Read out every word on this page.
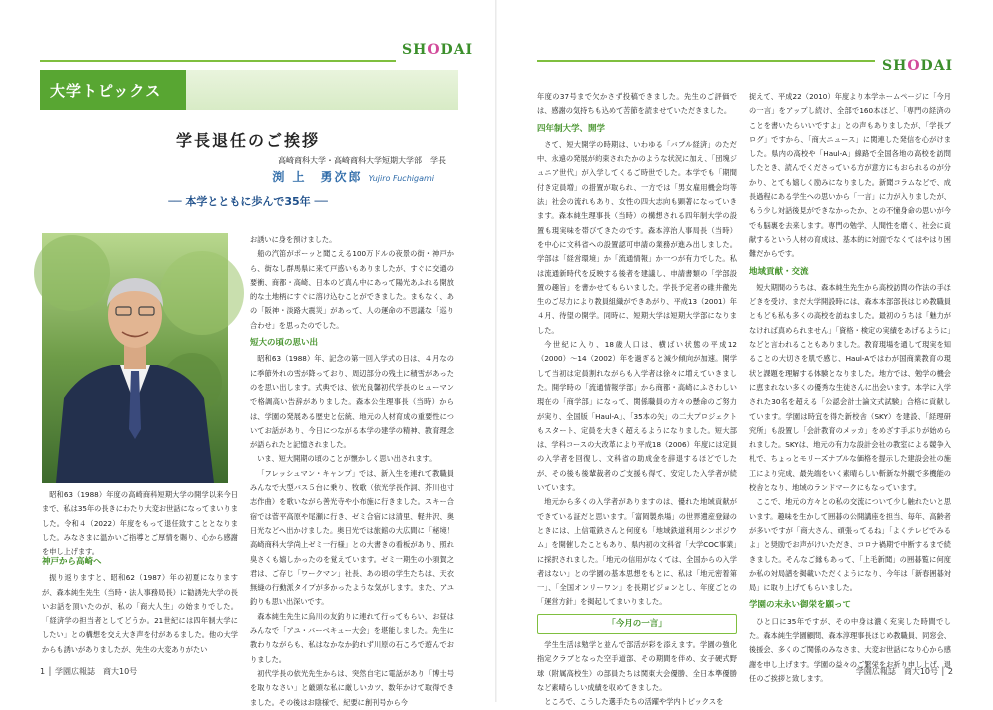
SHODAI
大学トピックス
学長退任のご挨拶
高崎商科大学・高崎商科大学短期大学部　学長
渕 上　勇次郎 Yujiro Fuchigami
── 本学とともに歩んで35年 ──

昭和63（1988）年度の高崎商科短期大学の開学以来今日まで、私は35年の長きにわたり大変お世話になってまいりました。令和４（2022）年度をもって退任致すこととなりました。みなさまに温かいご指導とご厚情を賜り、心から感謝を申し上げます。

神戸から高崎へ

振り返りますと、昭和62（1987）年の初夏になりますが、森本純生先生（当時・法人事務局長）に勧誘先大学の長いお話を頂いたのが、私の「商大人生」の始まりでした。「経済学の担当者としてどうか。21世紀には四年制大学にしたい」との構想を交え大き声を付があるました。他の大学からも誘いがありましたが、先生の大変ありがたい

お誘いに身を預けました。

船の汽笛がポーッと聞こえる100万ドルの夜景の街・神戸から、街なし群馬県に来て戸惑いもありましたが、すぐに交通の要衝、商都・高崎、日本のど真ん中にあって陽光あふれる開放的な土地柄にすぐに溶け込むことができました。まもなく、あの「阪神・淡路大震災」があって、人の運命の不思議な「巡り合わせ」を思ったのでした。

短大の頃の思い出

昭和63（1988）年、記念の第一回入学式の日は、４月なのに季節外れの雪が降っており、周辺部分の残土に積雪があったのを思い出します。式典では、依光良馨初代学長のヒューマンで格調高い告辞がありました。森本公生理事長（当時）からは、学園の発展ある歴史と伝統、地元の人材育成の重要性についてお話があり、今日につながる本学の建学の精神、教育理念が語られたと記憶されました。

いま、短大開期の頃のことが懐かしく思い出されます。

「フレッシュマン・キャンプ」では、新入生を連れて教職員みんなで大型バス５台に乗り、牧歌（依光学長作詞、芥川也寸志作曲）を歌いながら善光寺や小布施に行きました。スキー合宿では菅平高原や尾瀬に行き、ゼミ合宿には清里、軽井沢、奥日光などへ出かけました。奥日光では旅館の大広間に「秘境！高崎商科大学尚上ゼミ一行様」との大書きの看板があり、照れ臭さくも嬉しかったのを覚えています。ゼミ一期生の小須賀之君は、ご存じ「ワークマン」社長、あの頃の学生たちは、天衣無縫の行動派タイプが多かったような気がします。また、アユ釣りも思い出深いです。

森本純生先生に烏川の友釣りに連れて行ってもらい、お昼はみんなで「アユ・バーベキュー大会」を堪能しました。先生に教わりながらも、私はなかなか釣れず川原の石ころで遊んでおりました。

初代学長の依光先生からは、突然自宅に電話があり「博士号を取りなさい」と厳頭な私に厳しいカツ、数年かけて取得できました。その後はお陰様で、紀要に創刊号から今

1 │ 学園広報誌　商大10号
SHODAI

年度の37号まで欠かさず投稿できました。先生のご評価では、感謝の気持ちも込めて苦節を読ませていただきました。

四年制大学、開学

さて、短大開学の時期は、いわゆる「バブル経済」のただ中、永遠の発展が約束されたかのような状況に加え、「団塊ジュニア世代」が入学してくるご時世でした。本学でも「期間付き定員増」の措置が取られ、一方では「男女雇用機会均等法」社会の流れもあり、女性の四大志向も顕著になっていきます。森本純生理事長（当時）の構想される四年制大学の設置も現実味を帯びてきたのです。森本淳治人事局長（当時）を中心に文科省への設置認可申請の業務が進み出しました。学部は「経営環境」か「流通情報」か一つが有力でした。私は流通新時代を反映する後者を建議し、申請書類の「学部設置の趣旨」を書かせてもらいました。学長予定者の碓井徹先生のご尽力により教員組織ができあがり、平成13（2001）年４月、待望の開学。同時に、短期大学は短期大学部になりました。

今世紀に入り、18歳人口は、横ばい状態の平成12（2000）〜14（2002）年を過ぎると減少傾向が加速。開学して当初は定員割れながらも入学者は徐々に増えていきました。開学時の「流通情報学部」から商都・高崎にふさわしい現在の「商学部」になって、関係職員の方々の懸命のご努力が実り、全国版「Haul-A」、「35本の矢」の二大プロジェクトもスタート、定員を大きく超えるようになりました。短大部は、学科コースの大改革により平成18（2006）年度には定員の入学者を回復し、文科省の助成金を辞退するほどでしたが、その後も後輩裁者のご支援も得て、安定した入学者が続いています。

地元から多くの入学者がありますのは、優れた地域貢献ができている証だと思います。「富岡製糸場」の世界遺産登録のときには、上信電鉄さんと何度も「地域鉄道利用シンポジウム」を開催したこともあり、県内初の文科省「大学COC事業」に採択されました。「地元の信用がなくては、全国からの入学者はない」との学園の基本思想をもとに、私は「地元密着第一」、「全国オンリーワン」を長期ビジョンとし、年度ごとの「運営方針」を掲起してまいりました。

「今月の一言」

学生生活は勉学と並んで部活が彩を添えます。学園の強化指定クラブとなった空手道部、その期間を伴め、女子硬式野球（附属高校生）の部員たちは関東大会優勝、全日本準優勝など素晴らしい成績を収めてきました。

ところで、こうした選手たちの活躍や学内トピックスを

捉えて、平成22（2010）年度より本学ホームページに「今月の一言」をアップし続け、全部で160本ほど、「専門の経済のことを書いたらいいですよ」との声もありましたが、「学長ブログ」ですから、「商大ニュース」に関連した発信を心がけました。県内の高校や「Haul-A」線路で全国各地の高校を訪問したとき、読んでくださっている方が意方にもおられるのが分かり、とても嬉しく励みになりました。新聞コラムなどで、成長過程にある学生への思いから「一言」に力が入りましたが、もう少し対話後見ができなかったか、との不憧身命の思いが今でも脳裏を去来します。専門の勉学、人間性を磨く、社会に貢献するという人材の育成は、基本的に対面でなくてはやはり困難だからです。

地域貢献・交流

短大期間のうちは、森本純生先生から高校訪問の作法の手ほどきを受け、まだ大学開設時には、森本本部部長はじめ教職員ともども私も多くの高校を訪ねました。最初のうちは「魅力がなければ真められません」「資格・検定の実績をあげるように」などと言われることもありました。教育現場を通して現実を知ることの大切さを肌で感じ、Haul-Aではわが国商業教育の現状と課題を理解する体験となりました。地方では、勉学の機会に恵まれない多くの優秀な生徒さんに出会います。本学に入学された30名を超える「公認会計士論文式試験」合格に貢献しています。学園は時宜を得た新校舎（SKY）を建設、「経理研究所」も設置し「会計教育のメッカ」をめざす手ぶりが始められました。SKYは、地元の有力な設計会社の教室による競争入札で、ちょっとモリーズナブルな価格を提示した建設会社の施工により完成、最先端をいく素晴らしい斬新な外観で多機能の校舎となり、地域のランドマークにもなっています。

ここで、地元の方々との私の交流について少し触れたいと思います。趣味を生かして囲碁の公開講座を担当、毎年、高齢者が多いですが「商大さん、頑張ってるね」「よくテレビでみるよ」と奨励でお声がけいただき、コロナ禍期で中断するまで続きました。そんなご縁もあって、「上毛新聞」の囲碁覧に何度か私の対局譜を掲載いただくようになり、今年は「新春囲碁対局」に取り上げてもらいました。

学園の末永い御栄を願って

ひと口に35年ですが、その中身は濃く充実した時間でした。森本純生学園顧問、森本淳理事長ほじめ教職員、同窓会、後援会、多くのご関係のみなさま、大変お世話になり心から感謝を申し上げます。学園の益々のご繁栄をお祈り申し上げ、退任のご挨拶と致します。

学園広報誌　商大10号 │ 2
